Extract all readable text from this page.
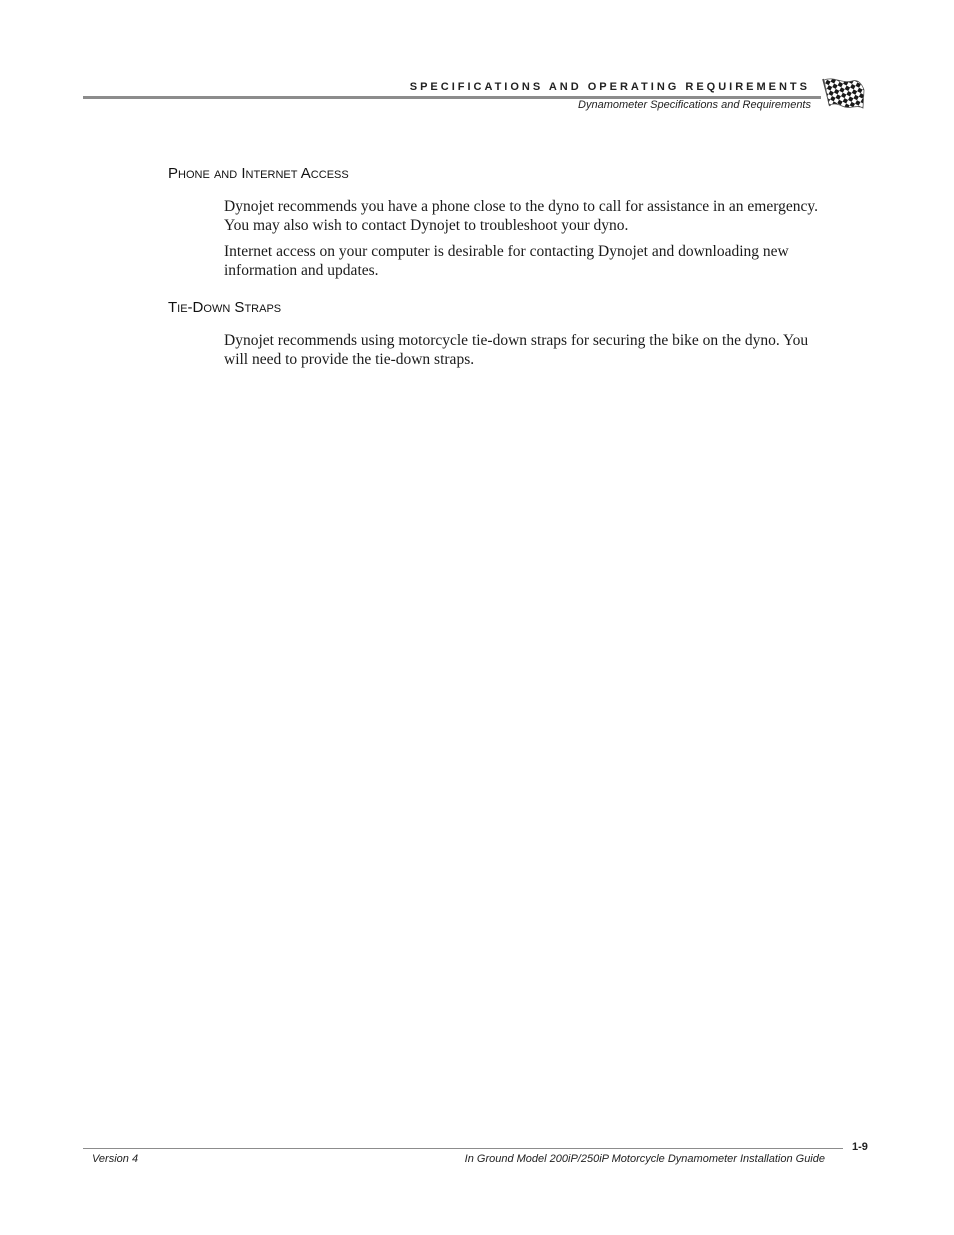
SPECIFICATIONS AND OPERATING REQUIREMENTS
Dynamometer Specifications and Requirements
Phone and Internet Access

Dynojet recommends you have a phone close to the dyno to call for assistance in an emergency. You may also wish to contact Dynojet to troubleshoot your dyno.

Internet access on your computer is desirable for contacting Dynojet and downloading new information and updates.

Tie-Down Straps

Dynojet recommends using motorcycle tie-down straps for securing the bike on the dyno. You will need to provide the tie-down straps.

1-9
Version 4	In Ground Model 200iP/250iP Motorcycle Dynamometer Installation Guide
